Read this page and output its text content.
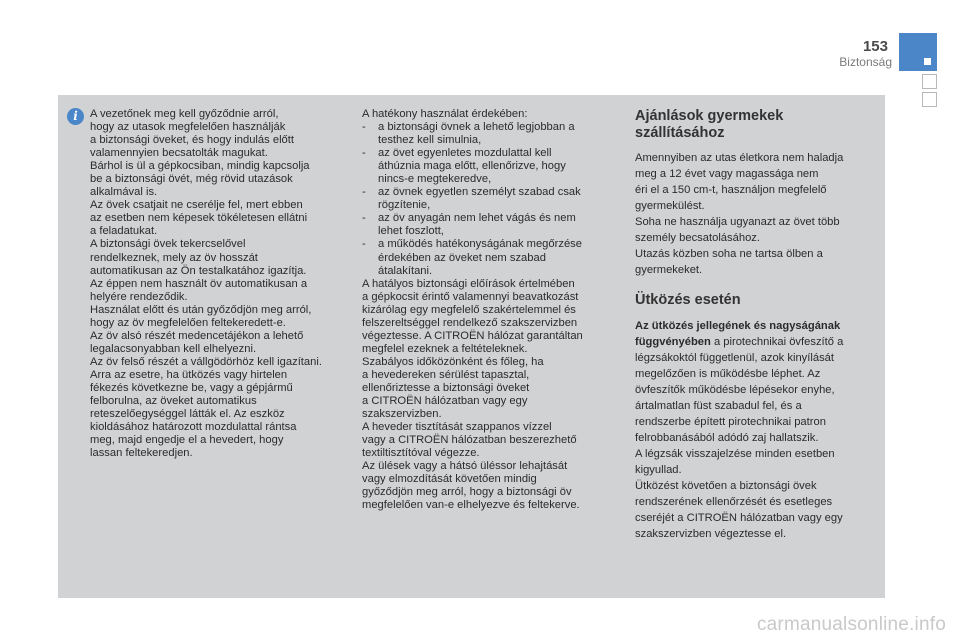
153
Biztonság
i	A vezetőnek meg kell győződnie arról,

hogy az utasok megfelelően használják

a biztonsági öveket, és hogy indulás előtt

valamennyien becsatolták magukat.

Bárhol is ül a gépkocsiban, mindig kapcsolja

be a biztonsági övét, még rövid utazások

alkalmával is.

Az övek csatjait ne cserélje fel, mert ebben

az esetben nem képesek tökéletesen ellátni

a feladatukat.

A biztonsági övek tekercselővel

rendelkeznek, mely az öv hosszát

automatikusan az Ön testalkatához igazítja.

Az éppen nem használt öv automatikusan a

helyére rendeződik.

Használat előtt és után győződjön meg arról,

hogy az öv megfelelően feltekeredett-e.

Az öv alsó részét medencetájékon a lehető

legalacsonyabban kell elhelyezni.

Az öv felső részét a vállgödörhöz kell igazítani.

Arra az esetre, ha ütközés vagy hirtelen

fékezés következne be, vagy a gépjármű

felborulna, az öveket automatikus

reteszelőegységgel látták el. Az eszköz

kioldásához határozott mozdulattal rántsa

meg, majd engedje el a hevedert, hogy

lassan feltekeredjen.

A hatékony használat érdekében:

-	a biztonsági övnek a lehető legjobban a
testhez kell simulnia,
-	az övet egyenletes mozdulattal kell
áthúznia maga előtt, ellenőrizve, hogy
nincs-e megtekeredve,
-	az övnek egyetlen személyt szabad csak
rögzítenie,
-	az öv anyagán nem lehet vágás és nem
lehet foszlott,
-	a működés hatékonyságának megőrzése
érdekében az öveket nem szabad
átalakítani.

A hatályos biztonsági előírások értelmében

a gépkocsit érintő valamennyi beavatkozást

kizárólag egy megfelelő szakértelemmel és

felszereltséggel rendelkező szakszervizben

végeztesse. A CITROËN hálózat garantáltan

megfelel ezeknek a feltételeknek.

Szabályos időközönként és főleg, ha

a hevedereken sérülést tapasztal,

ellenőriztesse a biztonsági öveket

a CITROËN hálózatban vagy egy

szakszervizben.

A heveder tisztítását szappanos vízzel

vagy a CITROËN hálózatban beszerezhető

textiltisztítóval végezze.

Az ülések vagy a hátsó üléssor lehajtását

vagy elmozdítását követően mindig

győződjön meg arról, hogy a biztonsági öv

megfelelően van-e elhelyezve és feltekerve.

Ajánlások gyermekek
szállításához

Amennyiben az utas életkora nem haladja

meg a 12 évet vagy magassága nem

éri el a 150 cm-t, használjon megfelelő

gyermekülést.

Soha ne használja ugyanazt az övet több

személy becsatolásához.

Utazás közben soha ne tartsa ölben a

gyermekeket.

Ütközés esetén

Az ütközés jellegének és nagyságának

függvényében a pirotechnikai övfeszítő a

légzsákoktól függetlenül, azok kinyílását

megelőzően is működésbe léphet. Az

övfeszítők működésbe lépésekor enyhe,

ártalmatlan füst szabadul fel, és a

rendszerbe épített pirotechnikai patron

felrobbanásából adódó zaj hallatszik.

A légzsák visszajelzése minden esetben

kigyullad.

Ütközést követően a biztonsági övek

rendszerének ellenőrzését és esetleges

cseréjét a CITROËN hálózatban vagy egy

szakszervizben végeztesse el.

carmanualsonline.info
